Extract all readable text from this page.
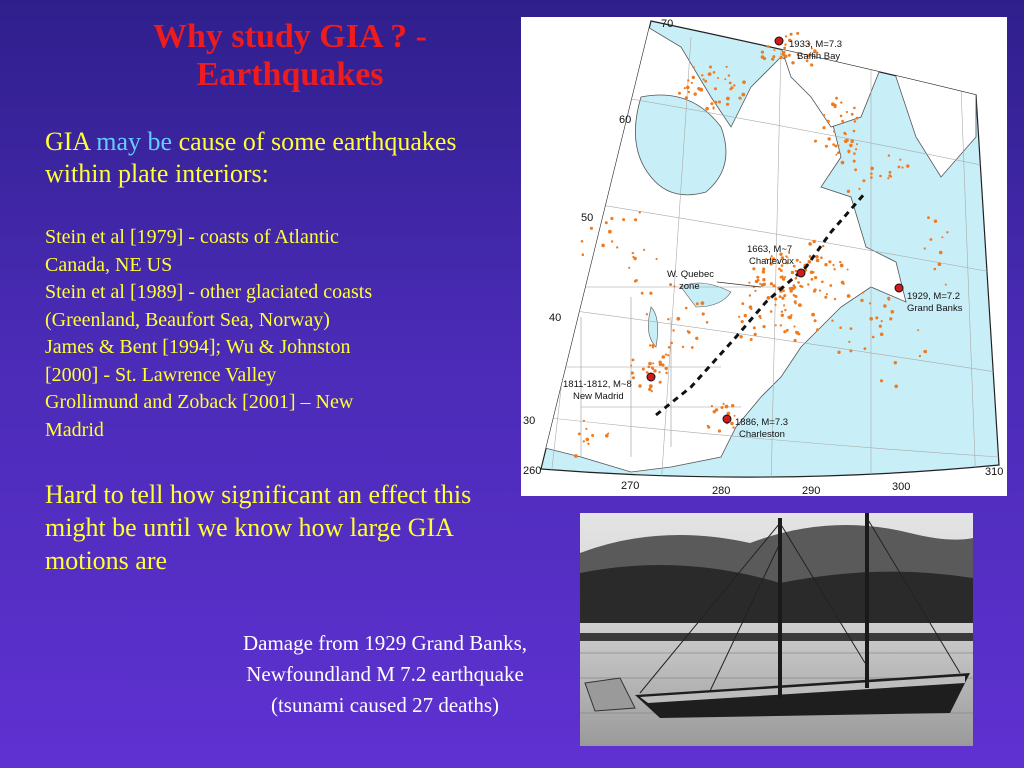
Why study GIA ? -
Earthquakes
GIA may be cause of some earthquakes within plate interiors:
Stein et al [1979] - coasts of Atlantic
Canada, NE US
Stein et al [1989] - other glaciated coasts
(Greenland, Beaufort Sea, Norway)
James & Bent [1994]; Wu & Johnston
[2000] - St. Lawrence Valley
Grollimund and Zoback [2001] – New
Madrid
Hard to tell how significant an effect this might be until we know how large GIA motions are
Damage from 1929 Grand Banks,
Newfoundland M 7.2 earthquake
(tsunami caused 27 deaths)
1933, M=7.3
Baffin Bay
1663, M~7
Charlevoix
W. Quebec
zone
1929, M=7.2
Grand Banks
1811-1812, M~8
New Madrid
1886, M=7.3
Charleston
70
60
50
40
30
260
270	280	290	300
310
